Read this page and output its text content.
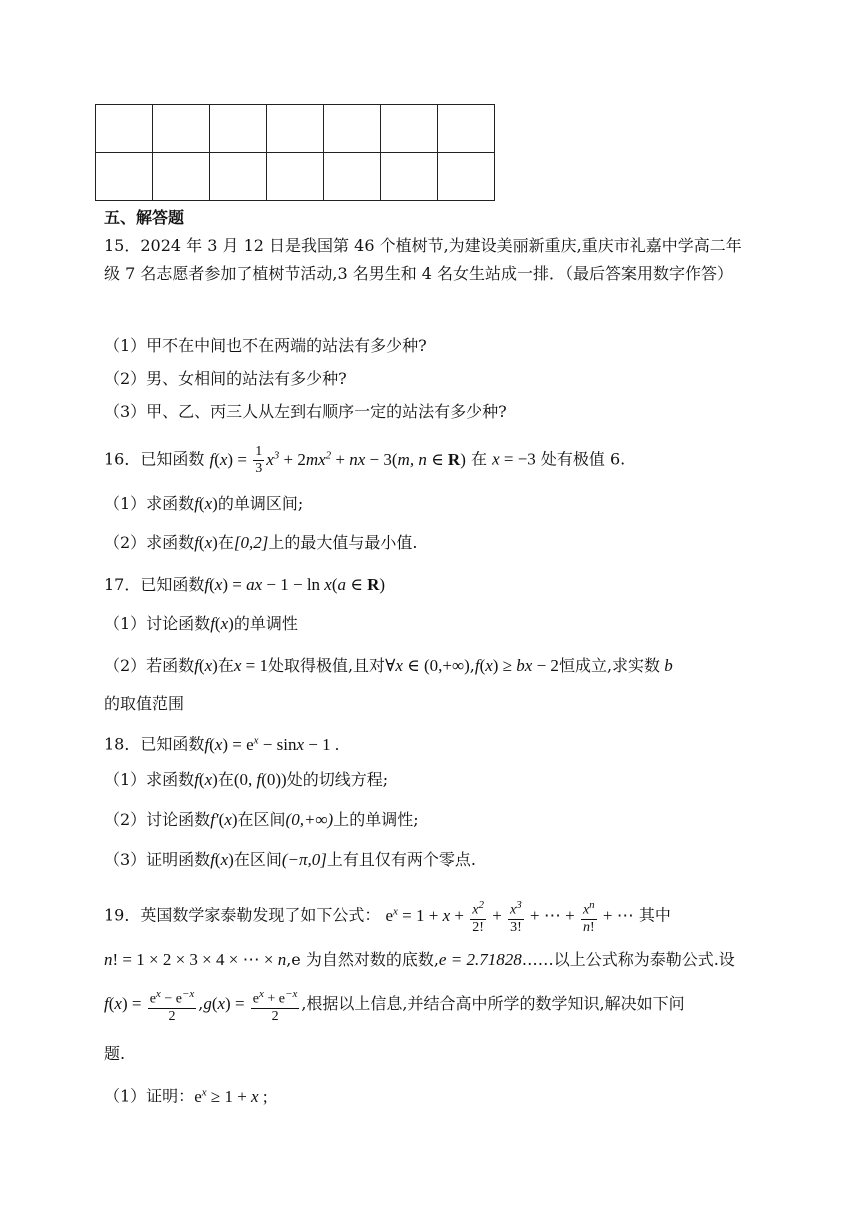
五、解答题
15．2024 年 3 月 12 日是我国第 46 个植树节,为建设美丽新重庆,重庆市礼嘉中学高二年级 7 名志愿者参加了植树节活动,3 名男生和 4 名女生站成一排．（最后答案用数字作答）
（1）甲不在中间也不在两端的站法有多少种?
（2）男、女相间的站法有多少种?
（3）甲、乙、丙三人从左到右顺序一定的站法有多少种?
16．已知函数 $f(x) = \frac{1}{3} x^3 + 2mx^2$ + nx − 3(m, n ∈ R) 在 x = −3 处有极值 6.
（1）求函数f(x)的单调区间;
（2）求函数f(x)在[0,2]上的最大值与最小值.
17．已知函数f(x) = ax − 1 − ln x(a ∈ R)
（1）讨论函数f(x)的单调性
（2）若函数f(x)在x = 1处取得极值,且对∀x ∈ (0,+∞),f(x) ≥ bx − 2恒成立,求实数 b
的取值范围
18．已知函数$f(x) = e^x - \sin x - 1$ .
（1）求函数f(x)在(0, f(0))处的切线方程;
（2）讨论函数f′(x)在区间(0,+∞)上的单调性;
（3）证明函数f(x)在区间(−π,0]上有且仅有两个零点.
19．英国数学家泰勒发现了如下公式： $e^x = 1 + x + \frac{x^2}{2!} + \frac{x^3}{3!}$ + ⋯ + $\frac{x^n}{n!}$ + ⋯ 其中
n! = 1 × 2 × 3 × 4 × ⋯ × n,e 为自然对数的底数,e = 2.71828……以上公式称为泰勒公式.设
$f(x) = \frac{e^x - e^{-x}}{2} ,g(x) = \frac{e^x + e^{-x}}{2}$ ,根据以上信息,并结合高中所学的数学知识,解决如下问
题.
（1）证明：$e^x \ge 1 + x$ ;
